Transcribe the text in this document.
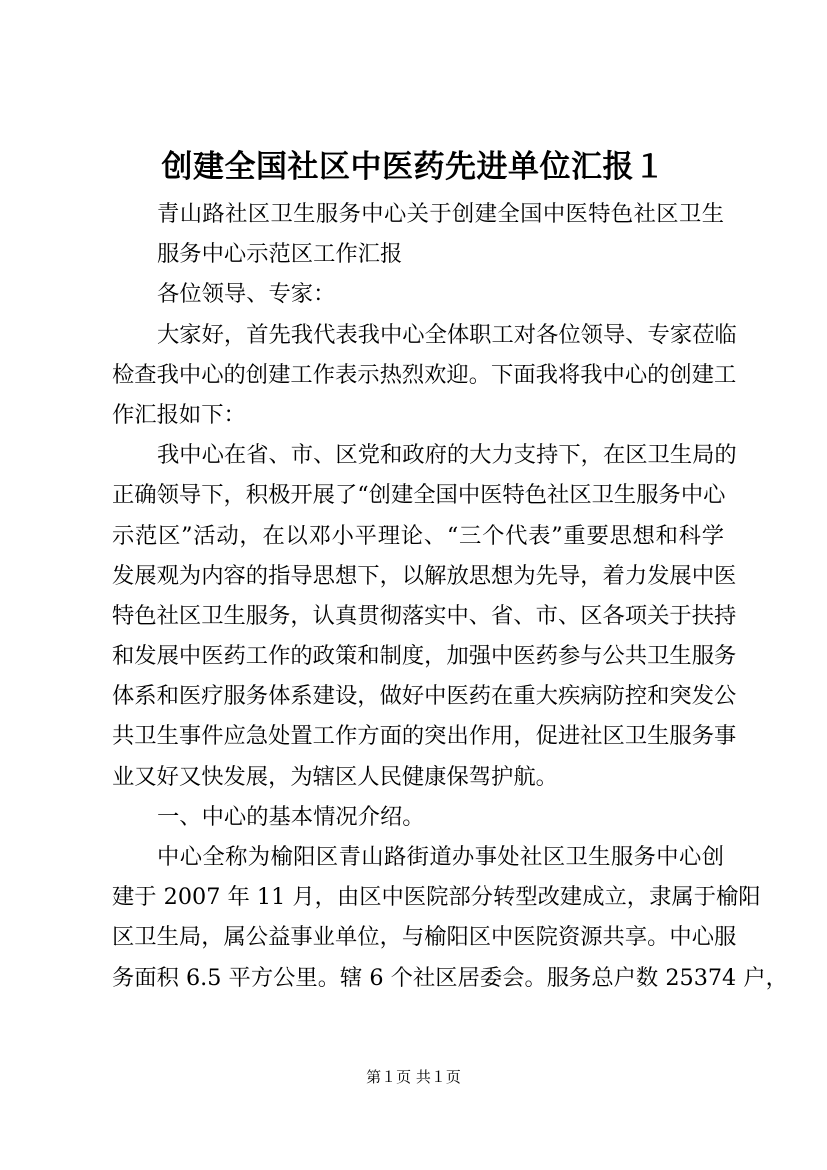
创建全国社区中医药先进单位汇报１
青山路社区卫生服务中心关于创建全国中医特色社区卫生
服务中心示范区工作汇报
各位领导、专家：
大家好，首先我代表我中心全体职工对各位领导、专家莅临
检查我中心的创建工作表示热烈欢迎。下面我将我中心的创建工
作汇报如下：
我中心在省、市、区党和政府的大力支持下，在区卫生局的
正确领导下，积极开展了“创建全国中医特色社区卫生服务中心
示范区”活动，在以邓小平理论、“三个代表”重要思想和科学
发展观为内容的指导思想下，以解放思想为先导，着力发展中医
特色社区卫生服务，认真贯彻落实中、省、市、区各项关于扶持
和发展中医药工作的政策和制度，加强中医药参与公共卫生服务
体系和医疗服务体系建设，做好中医药在重大疾病防控和突发公
共卫生事件应急处置工作方面的突出作用，促进社区卫生服务事
业又好又快发展，为辖区人民健康保驾护航。
一、中心的基本情况介绍。
中心全称为榆阳区青山路街道办事处社区卫生服务中心创
建于 2007 年 11 月，由区中医院部分转型改建成立，隶属于榆阳
区卫生局，属公益事业单位，与榆阳区中医院资源共享。中心服
务面积 6.5 平方公里。辖 6 个社区居委会。服务总户数 25374 户，
第１页 共１页
